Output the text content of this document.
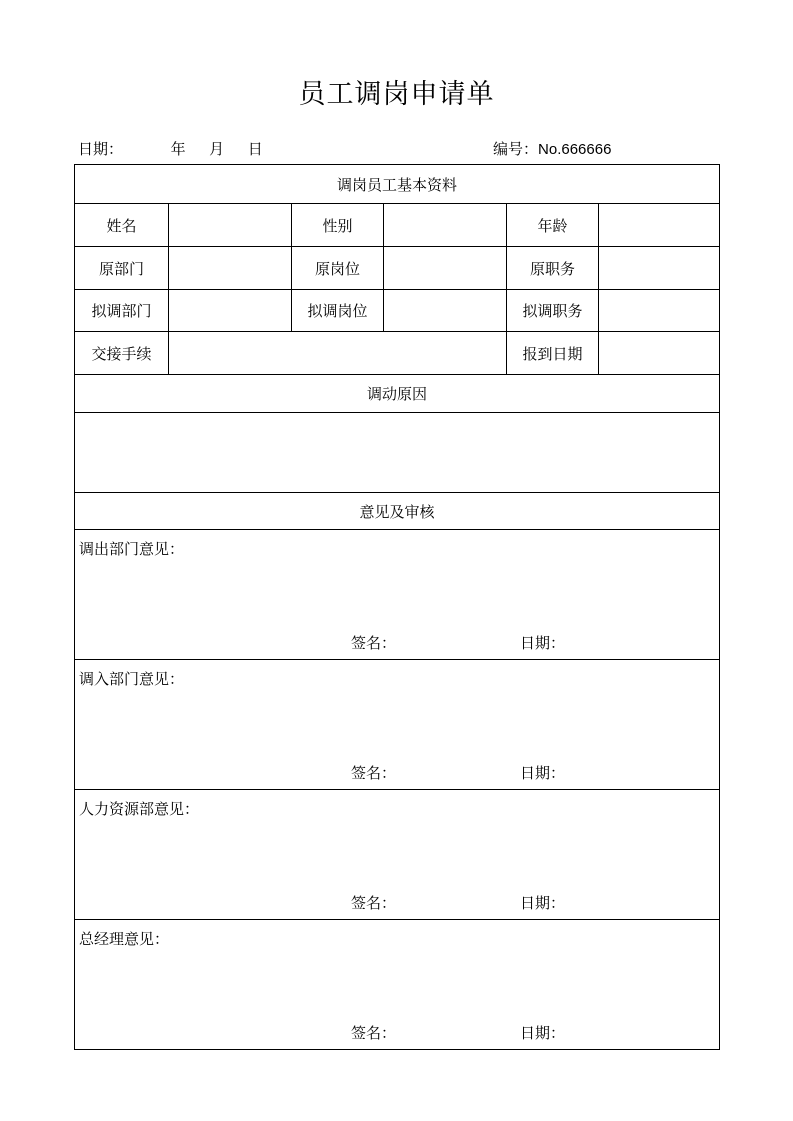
员工调岗申请单
日期：	年 月 日	编号：No.666666
调岗员工基本资料
姓名	性别	年龄
原部门	原岗位	原职务
拟调部门	拟调岗位	拟调职务
交接手续	报到日期
调动原因
意见及审核
调出部门意见：
签名：	日期：
调入部门意见：
签名：	日期：
人力资源部意见：
签名：	日期：
总经理意见：
签名：	日期：
